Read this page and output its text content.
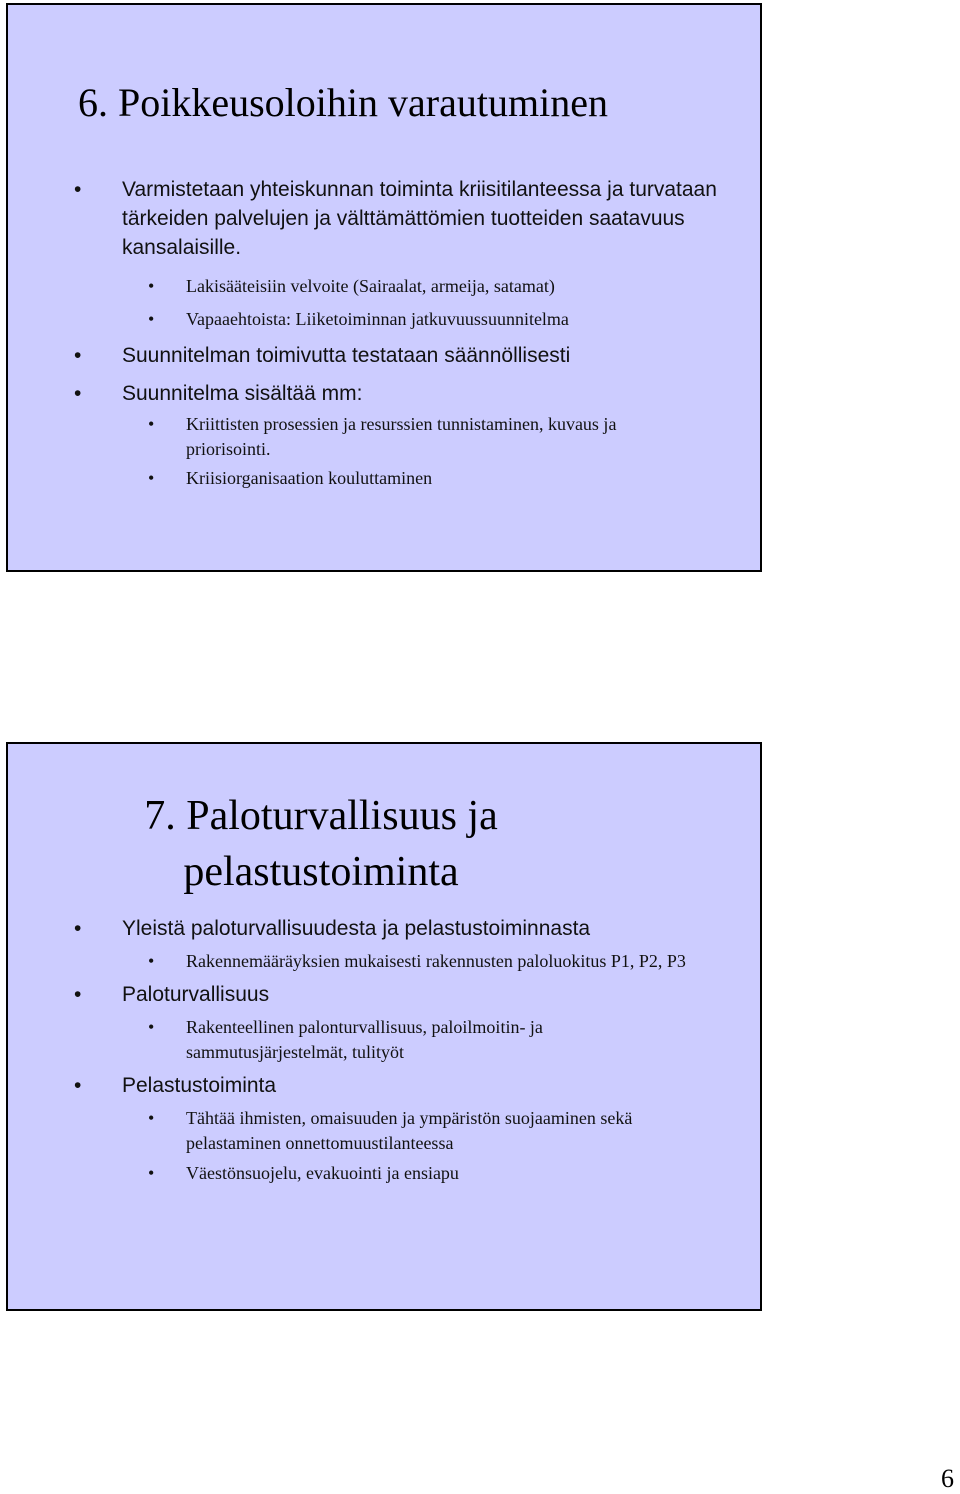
6. Poikkeusoloihin varautuminen
• Varmistetaan yhteiskunnan toiminta kriisitilanteessa ja turvataan tärkeiden palvelujen ja välttämättömien tuotteiden saatavuus kansalaisille.
• Lakisääteisiin velvoite (Sairaalat, armeija, satamat)
• Vapaaehtoista: Liiketoiminnan jatkuvuussuunnitelma
• Suunnitelman toimivutta testataan säännöllisesti
• Suunnitelma sisältää mm:
• Kriittisten prosessien ja resurssien tunnistaminen, kuvaus ja priorisointi.
• Kriisiorganisaation kouluttaminen
7. Paloturvallisuus ja pelastustoiminta
• Yleistä paloturvallisuudesta ja pelastustoiminnasta
• Rakennemääräyksien mukaisesti rakennusten paloluokitus P1, P2, P3
• Paloturvallisuus
• Rakenteellinen palonturvallisuus, paloilmoitin- ja sammutusjärjestelmät, tulityöt
• Pelastustoiminta
• Tähtää ihmisten, omaisuuden ja ympäristön suojaaminen sekä pelastaminen onnettomuustilanteessa
• Väestönsuojelu, evakuointi ja ensiapu
6
